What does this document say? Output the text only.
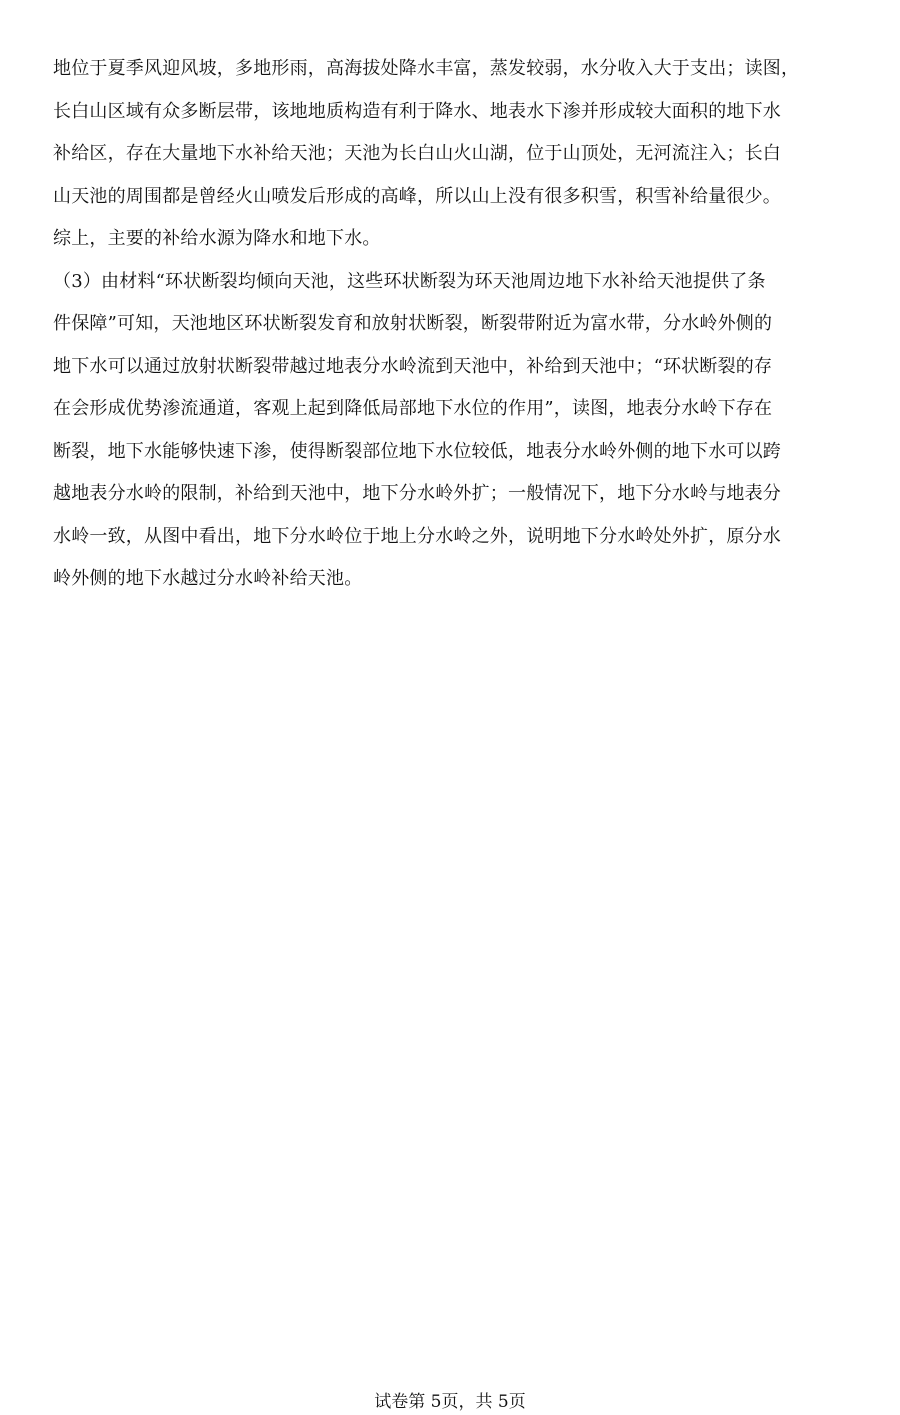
地位于夏季风迎风坡，多地形雨，高海拔处降水丰富，蒸发较弱，水分收入大于支出；读图，
长白山区域有众多断层带，该地地质构造有利于降水、地表水下渗并形成较大面积的地下水
补给区，存在大量地下水补给天池；天池为长白山火山湖，位于山顶处，无河流注入；长白
山天池的周围都是曾经火山喷发后形成的高峰，所以山上没有很多积雪，积雪补给量很少。
综上，主要的补给水源为降水和地下水。
（3）由材料“环状断裂均倾向天池，这些环状断裂为环天池周边地下水补给天池提供了条
件保障”可知，天池地区环状断裂发育和放射状断裂，断裂带附近为富水带，分水岭外侧的
地下水可以通过放射状断裂带越过地表分水岭流到天池中，补给到天池中；“环状断裂的存
在会形成优势渗流通道，客观上起到降低局部地下水位的作用”，读图，地表分水岭下存在
断裂，地下水能够快速下渗，使得断裂部位地下水位较低，地表分水岭外侧的地下水可以跨
越地表分水岭的限制，补给到天池中，地下分水岭外扩；一般情况下，地下分水岭与地表分
水岭一致，从图中看出，地下分水岭位于地上分水岭之外，说明地下分水岭处外扩，原分水
岭外侧的地下水越过分水岭补给天池。
试卷第 5页，共 5页
